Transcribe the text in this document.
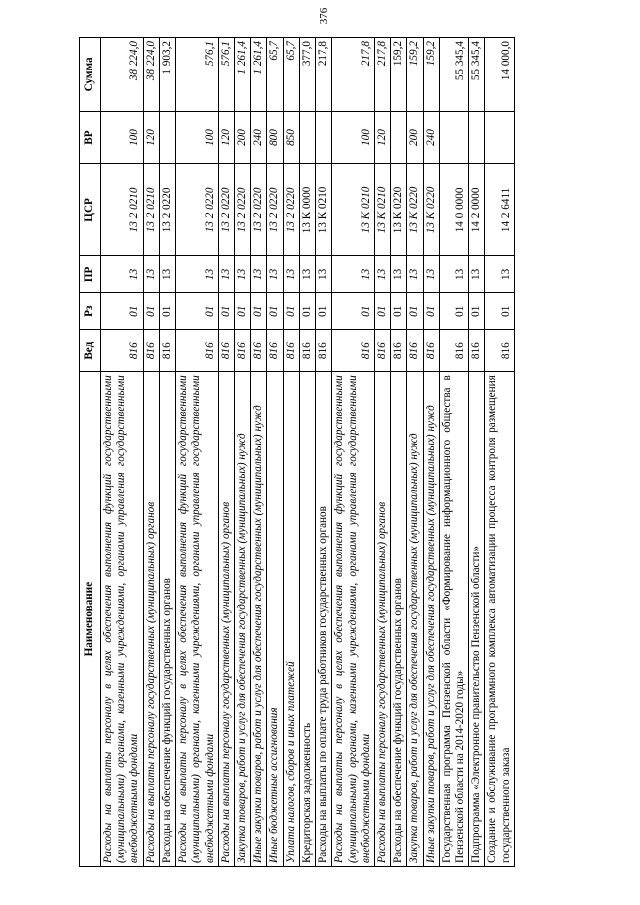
376
Наименование	Вед	Рз	ПР	ЦСР	ВР	Сумма
Расходы на выплаты персоналу в целях обеспечения выполнения функций государственными (муниципальными) органами, казенными учреждениями, органами управления государственными внебюджетными фондами	816	01	13	13 2 0210	100	38 224,0
Расходы на выплаты персоналу государственных (муниципальных) органов	816	01	13	13 2 0210	120	38 224,0
Расходы на обеспечение функций государственных органов	816	01	13	13 2 0220		1 903,2
Расходы на выплаты персоналу в целях обеспечения выполнения функций государственными (муниципальными) органами, казенными учреждениями, органами управления государственными внебюджетными фондами	816	01	13	13 2 0220	100	576,1
Расходы на выплаты персоналу государственных (муниципальных) органов	816	01	13	13 2 0220	120	576,1
Закупка товаров, работ и услуг для обеспечения государственных (муниципальных) нужд	816	01	13	13 2 0220	200	1 261,4
Иные закупки товаров, работ и услуг для обеспечения государственных (муниципальных) нужд	816	01	13	13 2 0220	240	1 261,4
Иные бюджетные ассигнования	816	01	13	13 2 0220	800	65,7
Уплата налогов, сборов и иных платежей	816	01	13	13 2 0220	850	65,7
Кредиторская задолженность	816	01	13	13 К 0000		377,0
Расходы на выплаты по оплате труда работников государственных органов	816	01	13	13 К 0210		217,8
Расходы на выплаты персоналу в целях обеспечения выполнения функций государственными (муниципальными) органами, казенными учреждениями, органами управления государственными внебюджетными фондами	816	01	13	13 К 0210	100	217,8
Расходы на выплаты персоналу государственных (муниципальных) органов	816	01	13	13 К 0210	120	217,8
Расходы на обеспечение функций государственных органов	816	01	13	13 К 0220		159,2
Закупка товаров, работ и услуг для обеспечения государственных (муниципальных) нужд	816	01	13	13 К 0220	200	159,2
Иные закупки товаров, работ и услуг для обеспечения государственных (муниципальных) нужд	816	01	13	13 К 0220	240	159,2
Государственная программа Пензенской области «Формирование информационного общества в Пензенской области на 2014-2020 годы»	816	01	13	14 0 0000		55 345,4
Подпрограмма «Электронное правительство Пензенской области»	816	01	13	14 2 0000		55 345,4
Создание и обслуживание программного комплекса автоматизации процесса контроля размещения государственного заказа	816	01	13	14 2 6411		14 000,0
